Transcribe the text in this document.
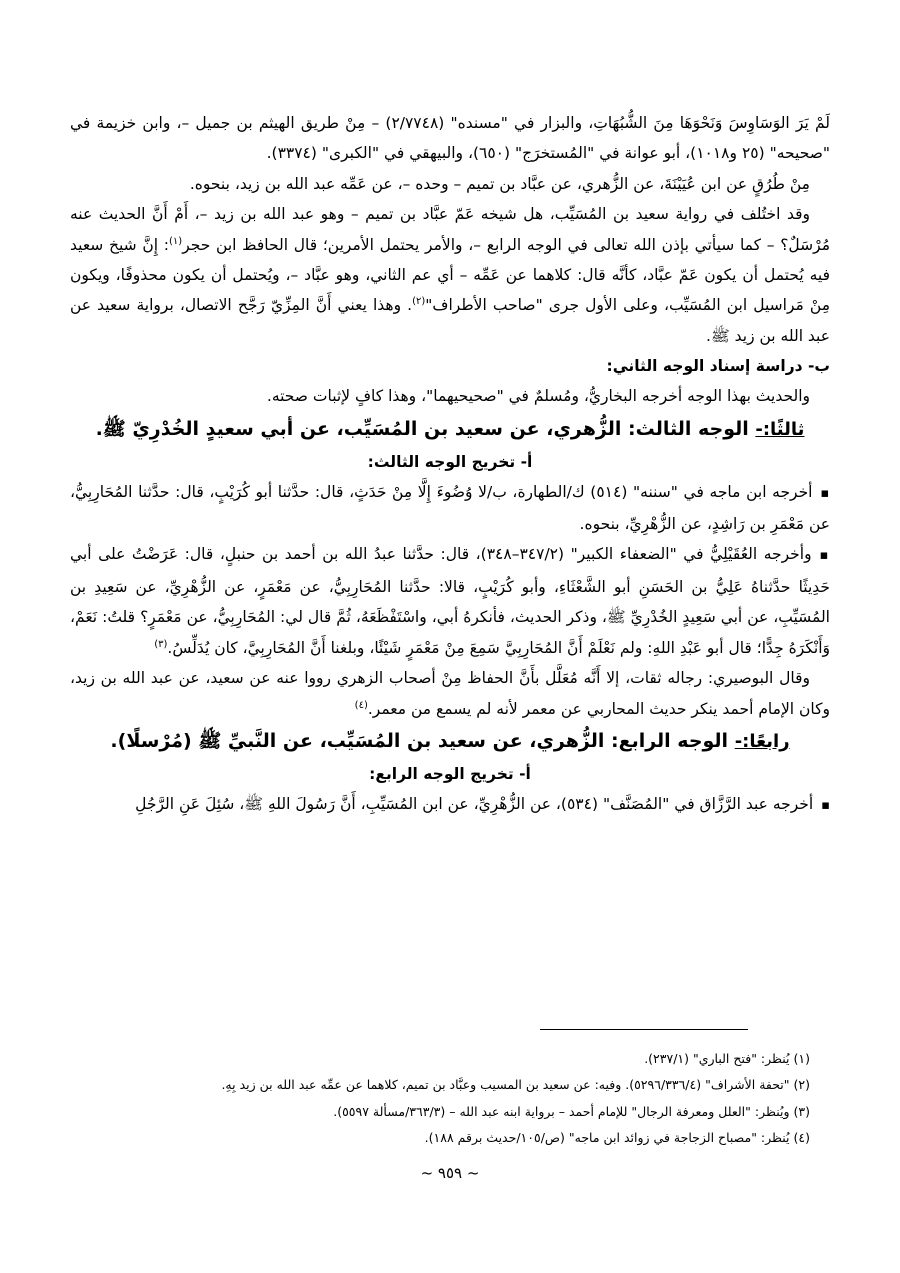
لَمْ يَرَ الوَسَاوِسَ وَنَحْوَهَا مِنَ الشُّبُهَاتِ، والبزار في "مسنده" (٢/٧٧٤٨) – مِنْ طريق الهيثم بن جميل –، وابن خزيمة في "صحيحه" (٢٥ و١٠١٨)، أبو عوانة في "المُستخرَج" (٦٥٠)، والبيهقي في "الكبرى" (٣٣٧٤).

مِنْ طُرُقٍ عن ابن عُيَيْنَةَ، عن الزُّهري، عن عبَّاد بن تميم – وحده –، عن عَمِّه عبد الله بن زيد، بنحوه.

وقد اختُلف في رواية سعيد بن المُسَيِّب، هل شيخه عَمّ عبَّاد بن تميم – وهو عبد الله بن زيد –، أَمْ أَنَّ الحديث عنه مُرْسَلٌ؟ – كما سيأتي بإذن الله تعالى في الوجه الرابع –، والأمر يحتمل الأمرين؛ قال الحافظ ابن حجر$^{(١)}$: إِنَّ شيخ سعيد فيه يُحتمل أن يكون عَمّ عبَّاد، كأنَّه قال: كلاهما عن عَمِّه – أي عم الثاني، وهو عبَّاد –، ويُحتمل أن يكون محذوفًا، ويكون مِنْ مَراسيل ابن المُسَيِّب، وعلى الأول جرى "صاحب الأطراف"$^{(٢)}$. وهذا يعني أَنَّ المِزِّيّ رَجَّح الاتصال، برواية سعيد عن عبد الله بن زيد ﷺ.

ب- دراسة إسناد الوجه الثاني:

والحديث بهذا الوجه أخرجه البخاريُّ، ومُسلمٌ في "صحيحيهما"، وهذا كافٍ لإثبات صحته.

ثالثًا:- الوجه الثالث: الزُّهري، عن سعيد بن المُسَيِّب، عن أبي سعيدٍ الخُدْرِيّ ﷺ.

أ- تخريج الوجه الثالث:

▪ أخرجه ابن ماجه في "سننه" (٥١٤) ك/الطهارة، ب/لا وُضُوءَ إِلَّا مِنْ حَدَثٍ، قال: حدَّثنا أبو كُرَيْبٍ، قال: حدَّثنا المُحَارِبِيُّ، عن مَعْمَرِ بن رَاشِدٍ، عن الزُّهْرِيِّ، بنحوه.

▪ وأخرجه العُقَيْلِيُّ في "الضعفاء الكبير" (٣٤٧/٢–٣٤٨)، قال: حدَّثنا عبدُ الله بن أحمد بن حنبلٍ، قال: عَرَضْتُ على أبي حَدِيثًا حدَّثناهُ عَلِيُّ بن الحَسَنِ أبو الشَّعْثَاءِ، وأبو كُرَيْبٍ، قالا: حدَّثنا المُحَارِبِيُّ، عن مَعْمَرٍ، عن الزُّهْرِيِّ، عن سَعِيدِ بن المُسَيِّبِ، عن أبي سَعِيدٍ الخُدْرِيِّ ﷺ، وذكر الحديث، فأنكرهُ أبي، واسْتَفْظَعَهُ، ثُمَّ قال لي: المُحَارِبِيُّ، عن مَعْمَرٍ؟ قلتُ: نَعَمْ، وَأَنْكَرَهُ جِدًّا؛ قال أبو عَبْدِ اللهِ: ولم نَعْلَمْ أَنَّ المُحَارِبِيَّ سَمِعَ مِنْ مَعْمَرٍ شَيْئًا، وبلغنا أَنَّ المُحَارِبِيَّ، كان يُدَلِّسُ.$^{(٣)}$

وقال البوصيري: رجاله ثقات، إلا أَنَّه مُعَلَّل بأَنَّ الحفاظ مِنْ أصحاب الزهري رووا عنه عن سعيد، عن عبد الله بن زيد، وكان الإمام أحمد ينكر حديث المحاربي عن معمر لأنه لم يسمع من معمر.$^{(٤)}$

رابعًا:- الوجه الرابع: الزُّهري، عن سعيد بن المُسَيِّب، عن النَّبيِّ ﷺ (مُرْسلًا).

أ- تخريج الوجه الرابع:

▪ أخرجه عبد الرَّزَّاق في "المُصَنَّف" (٥٣٤)، عن الزُّهْرِيِّ، عن ابن المُسَيِّبِ، أَنَّ رَسُولَ اللهِ ﷺ، سُئِلَ عَنِ الرَّجُلِ

(١) يُنظر: "فتح الباري" (٢٣٧/١).

(٢) "تحفة الأشراف" (٥٢٩٦/٣٣٦/٤). وفيه: عن سعيد بن المسيب وعبَّاد بن تميم، كلاهما عن عمِّه عبد الله بن زيد بِهِ.

(٣) ويُنظر: "العلل ومعرفة الرجال" للإمام أحمد – برواية ابنه عبد الله – (٣٦٣/٣/مسألة ٥٥٩٧).

(٤) يُنظر: "مصباح الزجاجة في زوائد ابن ماجه" (ص/١٠٥/حديث برقم ١٨٨).

~ ٩٥٩ ~
